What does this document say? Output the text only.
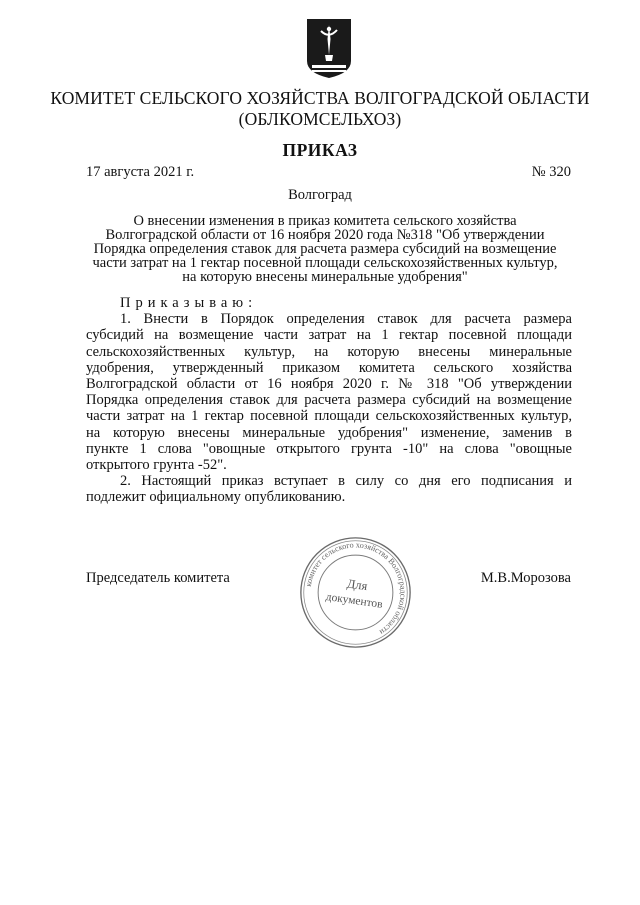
КОМИТЕТ СЕЛЬСКОГО ХОЗЯЙСТВА ВОЛГОГРАДСКОЙ ОБЛАСТИ
(ОБЛКОМСЕЛЬХОЗ)
ПРИКАЗ
17 августа 2021 г.	№ 320
Волгоград
О внесении изменения в приказ комитета сельского хозяйства
Волгоградской области от 16 ноября 2020 года №318 "Об утверждении
Порядка определения ставок для расчета размера субсидий на возмещение
части затрат на 1 гектар посевной площади сельскохозяйственных культур,
на которую внесены минеральные удобрения"
Приказываю:
1. Внести в Порядок определения ставок для расчета размера
субсидий на возмещение части затрат на 1 гектар посевной площади
сельскохозяйственных культур, на которую внесены минеральные
удобрения, утвержденный приказом комитета сельского хозяйства
Волгоградской области от 16 ноября 2020 г. № 318 "Об утверждении
Порядка определения ставок для расчета размера субсидий на возмещение
части затрат на 1 гектар посевной площади сельскохозяйственных культур,
на которую внесены минеральные удобрения" изменение, заменив в
пункте 1 слова "овощные открытого грунта -10" на слова "овощные
открытого грунта -52".
2. Настоящий приказ вступает в силу со дня его подписания и
подлежит официальному опубликованию.
Председатель комитета	М.В.Морозова
комитет сельского хозяйства Волгоградской области
Для
документов
